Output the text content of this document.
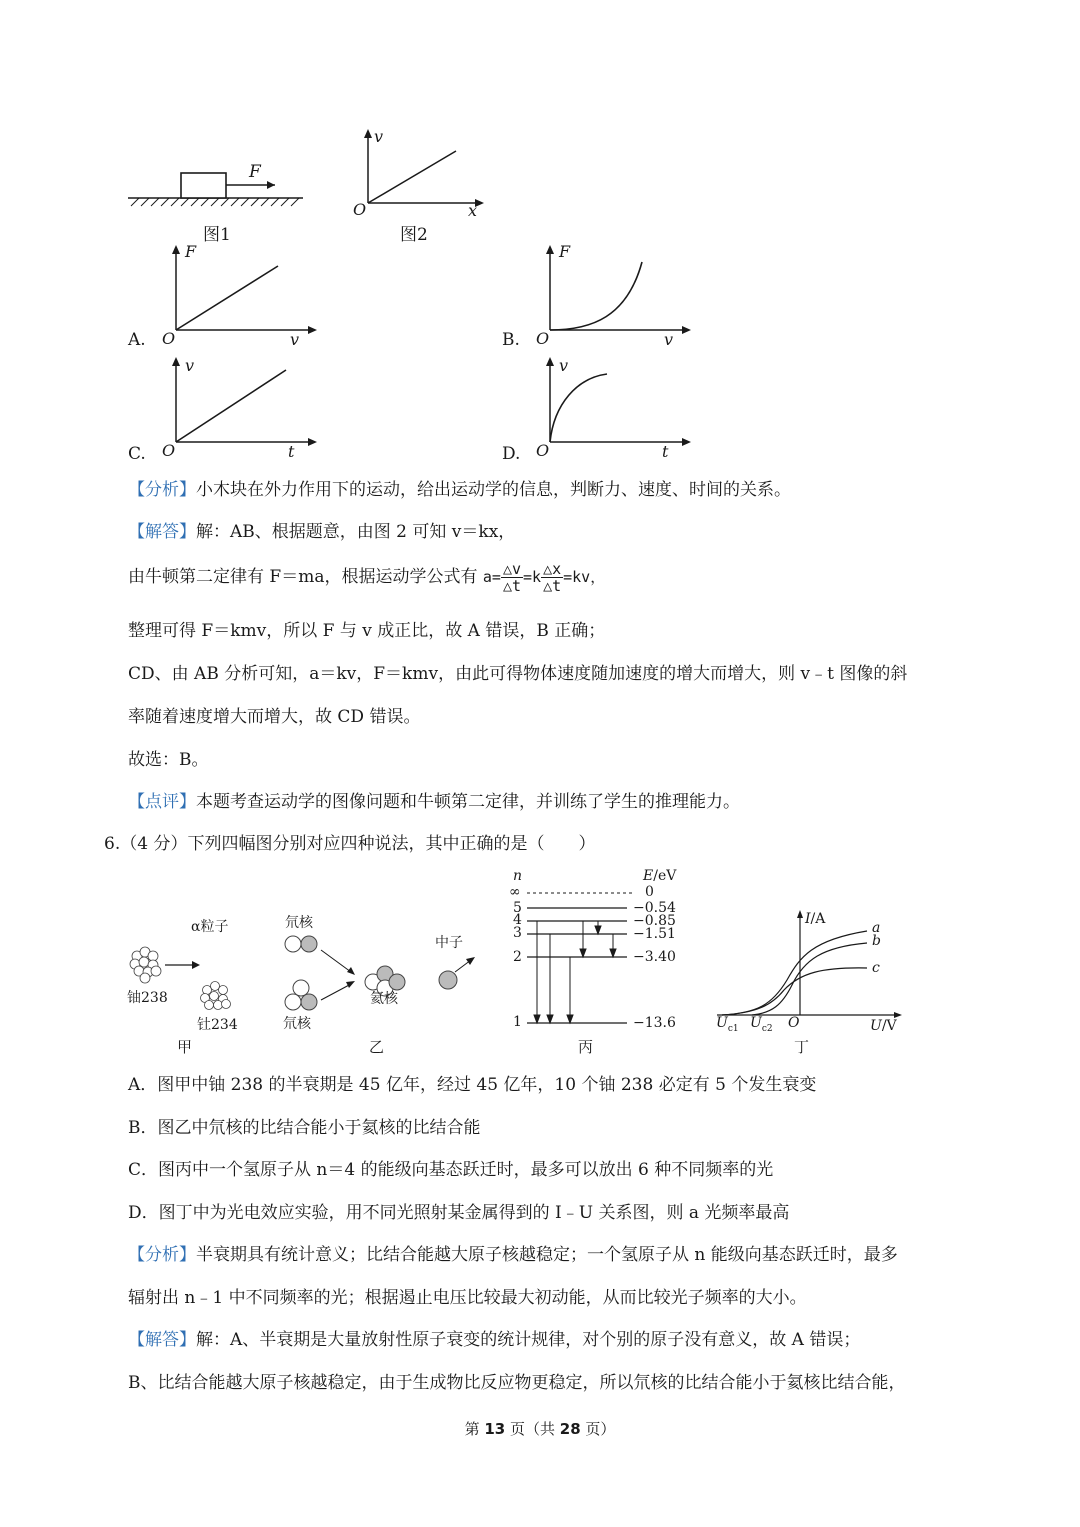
F
图1
v
x
O
图2
A.
F
v
O	B.
F
v
O
C.
v
t
O	D.
v
t
O
【分析】小木块在外力作用下的运动，给出运动学的信息，判断力、速度、时间的关系。
【解答】解：AB、根据题意，由图 2 可知 v＝kx，
由牛顿第二定律有 F＝ma，根据运动学公式有 $a= \frac{\triangle v}{\triangle t} =k \frac{\triangle x}{\triangle t} =kv$，
整理可得 F＝kmv，所以 F 与 v 成正比，故 A 错误，B 正确；
CD、由 AB 分析可知，a＝kv，F＝kmv，由此可得物体速度随加速度的增大而增大，则 v﹣t 图像的斜
率随着速度增大而增大，故 CD 错误。
故选：B。
【点评】本题考查运动学的图像问题和牛顿第二定律，并训练了学生的推理能力。
6.（4 分）下列四幅图分别对应四种说法，其中正确的是（　　）
α粒子
铀238
钍234
甲
氘核
中子
氦核
氘核
乙
n	E/eV
∞	0
5	−0.54
4	−0.85
3	−1.51
2	−3.40
1	−13.6
丙
I/A
a
b
c
$U_{c1}$ $U_{c2}$ O	U/V
丁
A．图甲中铀 238 的半衰期是 45 亿年，经过 45 亿年，10 个铀 238 必定有 5 个发生衰变
B．图乙中氘核的比结合能小于氦核的比结合能
C．图丙中一个氢原子从 n＝4 的能级向基态跃迁时，最多可以放出 6 种不同频率的光
D．图丁中为光电效应实验，用不同光照射某金属得到的 I﹣U 关系图，则 a 光频率最高
【分析】半衰期具有统计意义；比结合能越大原子核越稳定；一个氢原子从 n 能级向基态跃迁时，最多
辐射出 n﹣1 中不同频率的光；根据遏止电压比较最大初动能，从而比较光子频率的大小。
【解答】解：A、半衰期是大量放射性原子衰变的统计规律，对个别的原子没有意义，故 A 错误；
B、比结合能越大原子核越稳定，由于生成物比反应物更稳定，所以氘核的比结合能小于氦核比结合能，
第 13 页（共 28 页）
